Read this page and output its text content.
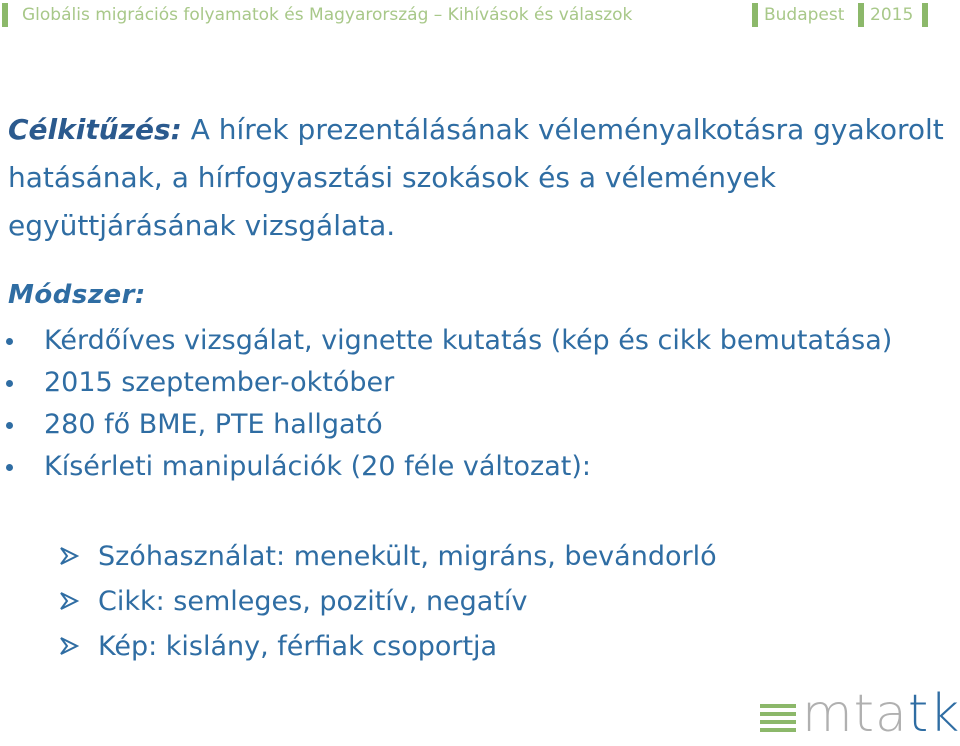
Globális migrációs folyamatok és Magyarország – Kihívások és válaszok	Budapest 2015
Célkitűzés: A hírek prezentálásának véleményalkotásra gyakorolt hatásának, a hírfogyasztási szokások és a vélemények együttjárásának vizsgálata.
Módszer:
Kérdőíves vizsgálat, vignette kutatás (kép és cikk bemutatása)
2015 szeptember-október
280 fő BME, PTE hallgató
Kísérleti manipulációk (20 féle változat):
Szóhasználat: menekült, migráns, bevándorló
Cikk: semleges, pozitív, negatív
Kép: kislány, férfiak csoportja
mtatk
